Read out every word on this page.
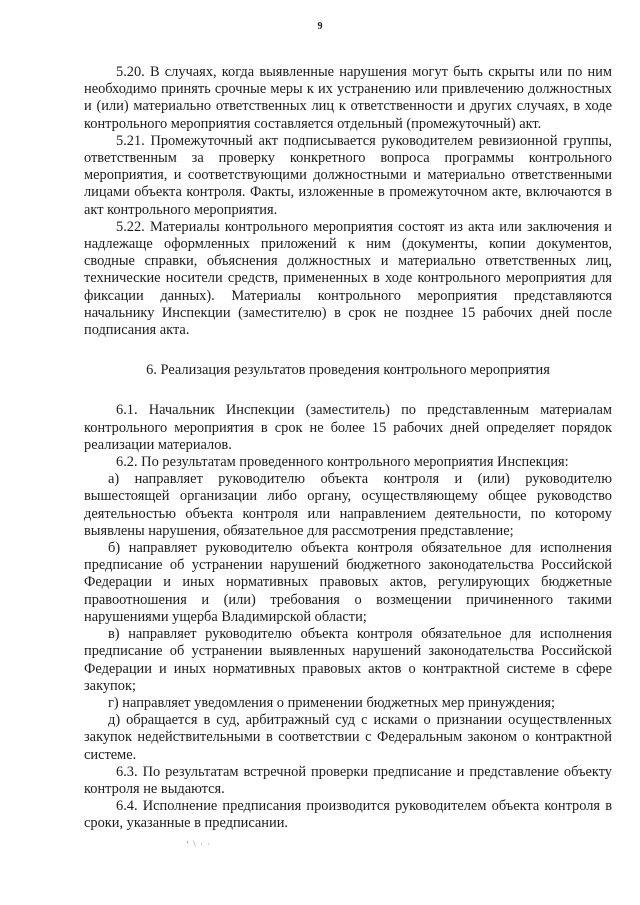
9

5.20. В случаях, когда выявленные нарушения могут быть скрыты или по ним необходимо принять срочные меры к их устранению или привлечению должностных и (или) материально ответственных лиц к ответственности и других случаях, в ходе контрольного мероприятия составляется отдельный (промежуточный) акт.

5.21. Промежуточный акт подписывается руководителем ревизионной группы, ответственным за проверку конкретного вопроса программы контрольного мероприятия, и соответствующими должностными и материально ответственными лицами объекта контроля. Факты, изложенные в промежуточном акте, включаются в акт контрольного мероприятия.

5.22. Материалы контрольного мероприятия состоят из акта или заключения и надлежаще оформленных приложений к ним (документы, копии документов, сводные справки, объяснения должностных и материально ответственных лиц, технические носители средств, примененных в ходе контрольного мероприятия для фиксации данных). Материалы контрольного мероприятия представляются начальнику Инспекции (заместителю) в срок не позднее 15 рабочих дней после подписания акта.

6. Реализация результатов проведения контрольного мероприятия

6.1. Начальник Инспекции (заместитель) по представленным материалам контрольного мероприятия в срок не более 15 рабочих дней определяет порядок реализации материалов.

6.2. По результатам проведенного контрольного мероприятия Инспекция:

а) направляет руководителю объекта контроля и (или) руководителю вышестоящей организации либо органу, осуществляющему общее руководство деятельностью объекта контроля или направлением деятельности, по которому выявлены нарушения, обязательное для рассмотрения представление;

б) направляет руководителю объекта контроля обязательное для исполнения предписание об устранении нарушений бюджетного законодательства Российской Федерации и иных нормативных правовых актов, регулирующих бюджетные правоотношения и (или) требования о возмещении причиненного такими нарушениями ущерба Владимирской области;

в) направляет руководителю объекта контроля обязательное для исполнения предписание об устранении выявленных нарушений законодательства Российской Федерации и иных нормативных правовых актов о контрактной системе в сфере закупок;

г) направляет уведомления о применении бюджетных мер принуждения;

д) обращается в суд, арбитражный суд с исками о признании осуществленных закупок недействительными в соответствии с Федеральным законом о контрактной системе.

6.3. По результатам встречной проверки предписание и представление объекту контроля не выдаются.

6.4. Исполнение предписания производится руководителем объекта контроля в сроки, указанные в предписании.

‘ \ · ·
